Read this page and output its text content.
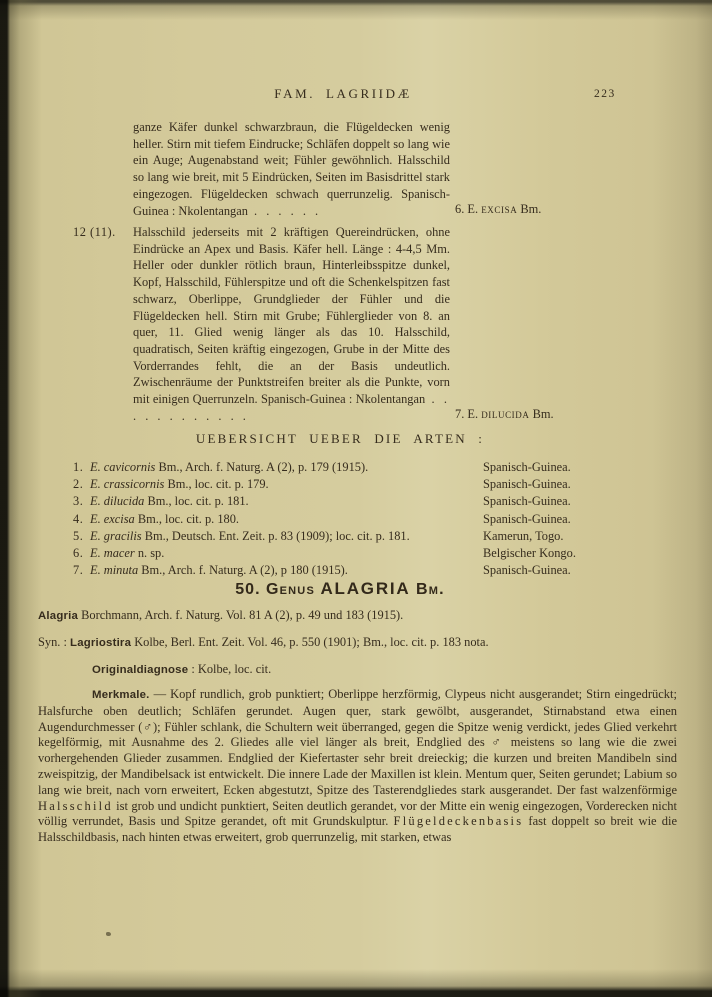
FAM. LAGRIIDÆ	223

ganze Käfer dunkel schwarzbraun, die Flügeldecken wenig heller. Stirn mit tiefem Eindrucke; Schläfen doppelt so lang wie ein Auge; Augenabstand weit; Fühler gewöhnlich. Halsschild so lang wie breit, mit 5 Eindrücken, Seiten im Basisdrittel stark eingezogen. Flügeldecken schwach querrunzelig. Spanisch-Guinea : Nkolentangan . . . . . .	6. E. excisa Bm.
12 (11). Halsschild jederseits mit 2 kräftigen Quereindrücken, ohne Eindrücke an Apex und Basis. Käfer hell. Länge : 4-4,5 Mm. Heller oder dunkler rötlich braun, Hinterleibsspitze dunkel, Kopf, Halsschild, Fühlerspitze und oft die Schenkelspitzen fast schwarz, Oberlippe, Grundglieder der Fühler und die Flügeldecken hell. Stirn mit Grube; Fühlerglieder von 8. an quer, 11. Glied wenig länger als das 10. Halsschild, quadratisch, Seiten kräftig eingezogen, Grube in der Mitte des Vorderrandes fehlt, die an der Basis undeutlich. Zwischenräume der Punktstreifen breiter als die Punkte, vorn mit einigen Querrunzeln. Spanisch-Guinea : Nkolentangan . . . . . . . . . . . .	7. E. dilucida Bm.
UEBERSICHT UEBER DIE ARTEN :
1. E. cavicornis Bm., Arch. f. Naturg. A (2), p. 179 (1915).	Spanisch-Guinea.
2. E. crassicornis Bm., loc. cit. p. 179.	Spanisch-Guinea.
3. E. dilucida Bm., loc. cit. p. 181.	Spanisch-Guinea.
4. E. excisa Bm., loc. cit. p. 180.	Spanisch-Guinea.
5. E. gracilis Bm., Deutsch. Ent. Zeit. p. 83 (1909); loc. cit. p. 181.	Kamerun, Togo.
6. E. macer n. sp.	Belgischer Kongo.
7. E. minuta Bm., Arch. f. Naturg. A (2), p 180 (1915).	Spanisch-Guinea.
50. Genus ALAGRIA Bm.

Alagria Borchmann, Arch. f. Naturg. Vol. 81 A (2), p. 49 und 183 (1915).

Syn. : Lagriostira Kolbe, Berl. Ent. Zeit. Vol. 46, p. 550 (1901); Bm., loc. cit. p. 183 nota.

Originaldiagnose : Kolbe, loc. cit.

Merkmale. — Kopf rundlich, grob punktiert; Oberlippe herzförmig, Clypeus nicht ausgerandet; Stirn eingedrückt; Halsfurche oben deutlich; Schläfen gerundet. Augen quer, stark gewölbt, ausgerandet, Stirnabstand etwa einen Augendurchmesser (♂); Fühler schlank, die Schultern weit überranged, gegen die Spitze wenig verdickt, jedes Glied verkehrt kegelförmig, mit Ausnahme des 2. Gliedes alle viel länger als breit, Endglied des ♂ meistens so lang wie die zwei vorhergehenden Glieder zusammen. Endglied der Kiefertaster sehr breit dreieckig; die kurzen und breiten Mandibeln sind zweispitzig, der Mandibelsack ist entwickelt. Die innere Lade der Maxillen ist klein. Mentum quer, Seiten gerundet; Labium so lang wie breit, nach vorn erweitert, Ecken abgestutzt, Spitze des Tasterendgliedes stark ausgerandet. Der fast walzenförmige Halsschild ist grob und undicht punktiert, Seiten deutlich gerandet, vor der Mitte ein wenig eingezogen, Vorderecken nicht völlig verrundet, Basis und Spitze gerandet, oft mit Grundskulptur. Flügeldeckenbasis fast doppelt so breit wie die Halsschildbasis, nach hinten etwas erweitert, grob querrunzelig, mit starken, etwas
